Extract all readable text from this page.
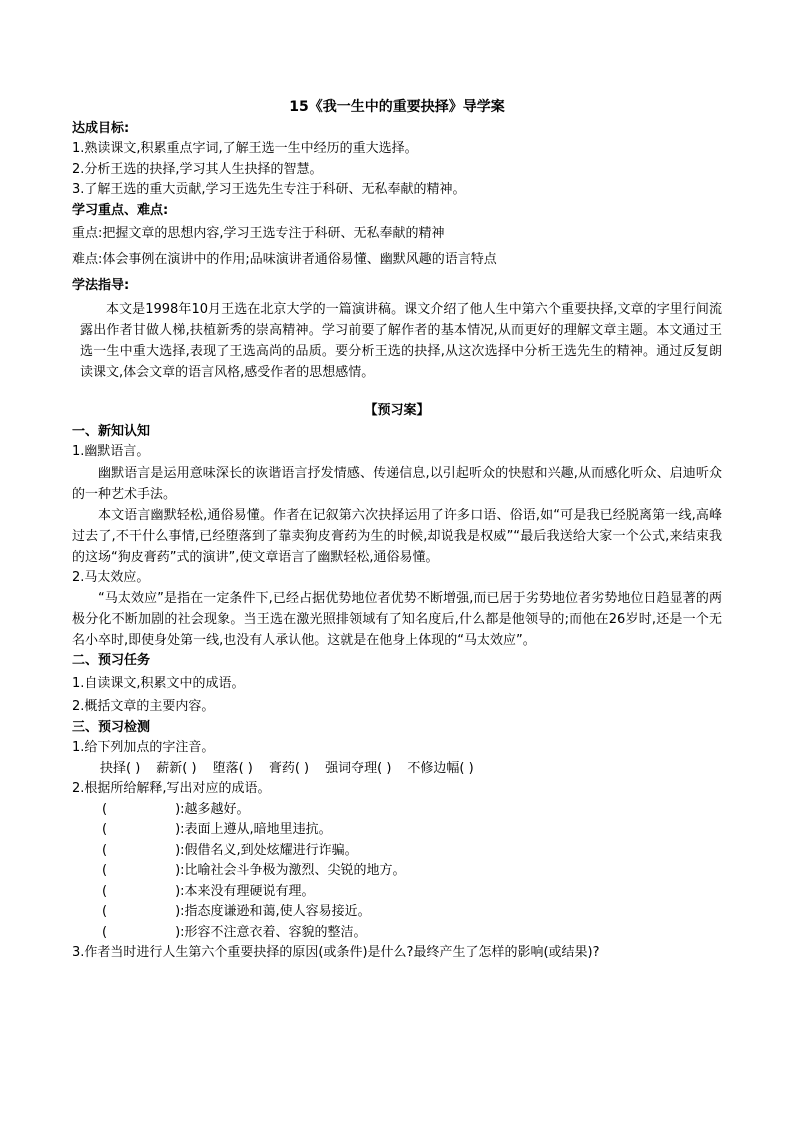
15《我一生中的重要抉择》导学案
达成目标:
1.熟读课文,积累重点字词,了解王选一生中经历的重大选择。
2.分析王选的抉择,学习其人生抉择的智慧。
3.了解王选的重大贡献,学习王选先生专注于科研、无私奉献的精神。
学习重点、难点:
重点:把握文章的思想内容,学习王选专注于科研、无私奉献的精神
难点:体会事例在演讲中的作用;品味演讲者通俗易懂、幽默风趣的语言特点
学法指导:
本文是1998年10月王选在北京大学的一篇演讲稿。课文介绍了他人生中第六个重要抉择,文章的字里行间流露出作者甘做人梯,扶植新秀的崇高精神。学习前要了解作者的基本情况,从而更好的理解文章主题。本文通过王选一生中重大选择,表现了王选高尚的品质。要分析王选的抉择,从这次选择中分析王选先生的精神。通过反复朗读课文,体会文章的语言风格,感受作者的思想感情。
【预习案】
一、新知认知
1.幽默语言。
幽默语言是运用意味深长的诙谐语言抒发情感、传递信息,以引起听众的快慰和兴趣,从而感化听众、启迪听众的一种艺术手法。
本文语言幽默轻松,通俗易懂。作者在记叙第六次抉择运用了许多口语、俗语,如“可是我已经脱离第一线,高峰过去了,不干什么事情,已经堕落到了靠卖狗皮膏药为生的时候,却说我是权威”“最后我送给大家一个公式,来结束我的这场“狗皮膏药”式的演讲”,使文章语言了幽默轻松,通俗易懂。
2.马太效应。
“马太效应”是指在一定条件下,已经占据优势地位者优势不断增强,而已居于劣势地位者劣势地位日趋显著的两极分化不断加剧的社会现象。当王选在激光照排领域有了知名度后,什么都是他领导的;而他在26岁时,还是一个无名小卒时,即使身处第一线,也没有人承认他。这就是在他身上体现的“马太效应”。
二、预习任务
1.自读课文,积累文中的成语。
2.概括文章的主要内容。
三、预习检测
1.给下列加点的字注音。
抉择( ) 薪新( ) 堕落( ) 膏药( ) 强词夺理( ) 不修边幅( )
2.根据所给解释,写出对应的成语。
(	):越多越好。
(	):表面上遵从,暗地里违抗。
(	):假借名义,到处炫耀进行诈骗。
(	):比喻社会斗争极为激烈、尖锐的地方。
(	):本来没有理硬说有理。
(	):指态度谦逊和蔼,使人容易接近。
(	):形容不注意衣着、容貌的整洁。
3.作者当时进行人生第六个重要抉择的原因(或条件)是什么?最终产生了怎样的影响(或结果)?
